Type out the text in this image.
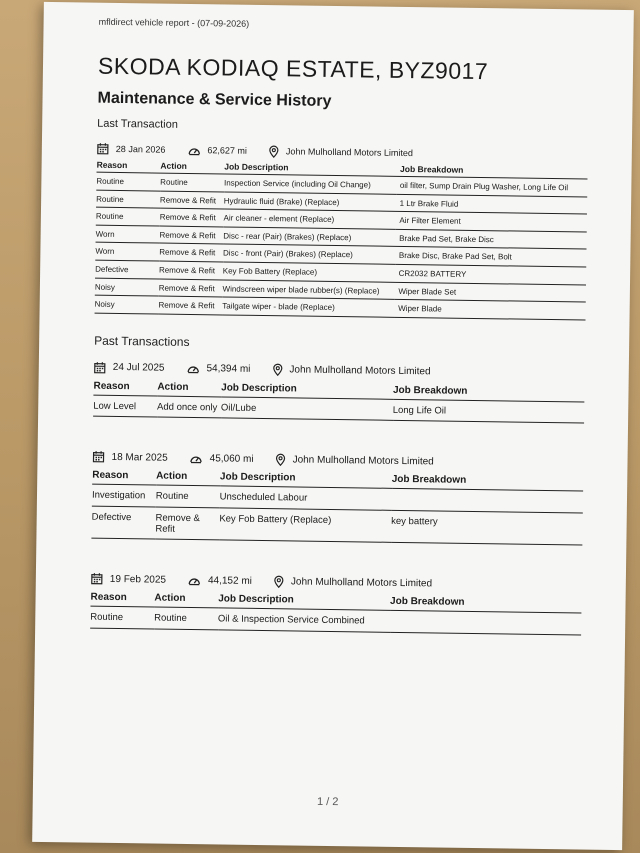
mfldirect vehicle report - (07-09-2026)
SKODA KODIAQ ESTATE, BYZ9017
Maintenance & Service History
Last Transaction
28 Jan 2026	62,627 mi	John Mulholland Motors Limited
Reason	Action	Job Description	Job Breakdown
Routine	Routine	Inspection Service (including Oil Change)	oil filter, Sump Drain Plug Washer, Long Life Oil
Routine	Remove & Refit	Hydraulic fluid (Brake) (Replace)	1 Ltr Brake Fluid
Routine	Remove & Refit	Air cleaner - element (Replace)	Air Filter Element
Worn	Remove & Refit	Disc - rear (Pair) (Brakes) (Replace)	Brake Pad Set, Brake Disc
Worn	Remove & Refit	Disc - front (Pair) (Brakes) (Replace)	Brake Disc, Brake Pad Set, Bolt
Defective	Remove & Refit	Key Fob Battery (Replace)	CR2032 BATTERY
Noisy	Remove & Refit	Windscreen wiper blade rubber(s) (Replace)	Wiper Blade Set
Noisy	Remove & Refit	Tailgate wiper - blade (Replace)	Wiper Blade
Past Transactions
24 Jul 2025	54,394 mi	John Mulholland Motors Limited
Reason	Action	Job Description	Job Breakdown
Low Level	Add once only	Oil/Lube	Long Life Oil
18 Mar 2025	45,060 mi	John Mulholland Motors Limited
Reason	Action	Job Description	Job Breakdown
Investigation	Routine	Unscheduled Labour	
Defective	Remove & Refit	Key Fob Battery (Replace)	key battery
19 Feb 2025	44,152 mi	John Mulholland Motors Limited
Reason	Action	Job Description	Job Breakdown
Routine	Routine	Oil & Inspection Service Combined	
1 / 2
